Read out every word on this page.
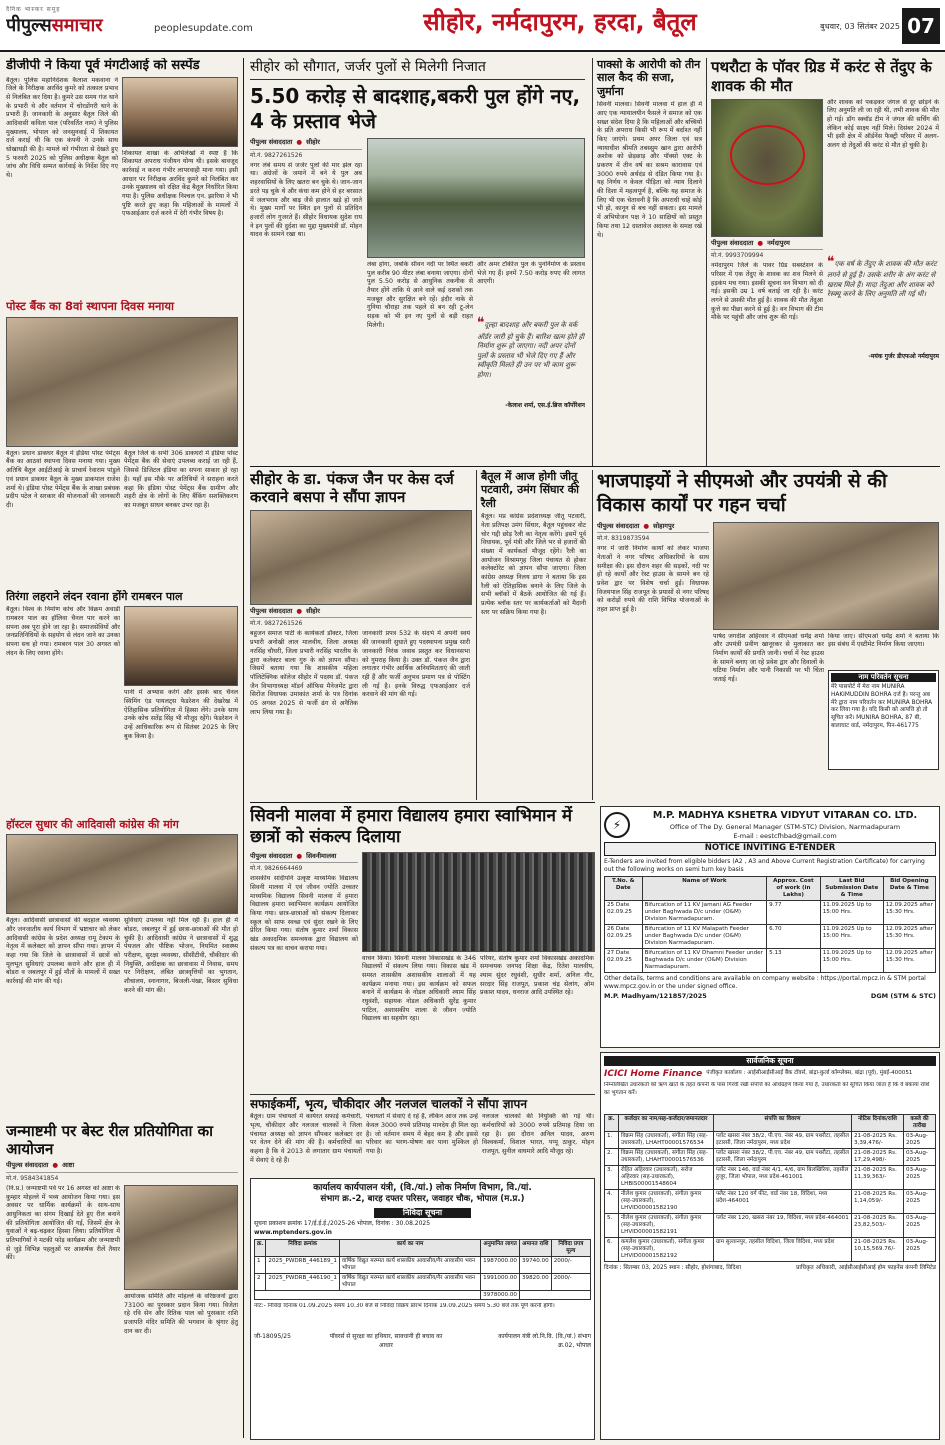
दैनिक भास्कर समूह
पीपुल्ससमाचार	peoplesupdate.com	सीहोर, नर्मदापुरम, हरदा, बैतूल	बुधवार, 03 सितंबर 2025 07
डीजीपी ने किया पूर्व मंगटीआई को सस्पेंड
बैतूल। पुलिस महानिदेशक कैलाश मकवाना ने जिले के निरीक्षक अरविंद कुमरे को तत्काल प्रभाव से निलंबित कर दिया है। कुमरे उस समय गंज थाने के प्रभारी थे और वर्तमान में चोरडोंगरी थाने के प्रभारी हैं। जानकारी के अनुसार बैतूल जिले की आदिवासी कविता पाल (परिवर्तित नाम) ने पुलिस मुख्यालय, भोपाल को जनसुनवाई में शिकायत दर्ज कराई थी कि एक कंपनी ने उनके साथ धोखाधड़ी की है। मामले को गंभीरता से देखते हुए 5 फरवरी 2025 को पुलिस अधीक्षक बैतूल को जांच और विधि सम्मत कार्रवाई के निर्देश दिए गए थे।
शिकायत शाखा के अभिलेखों में स्पष्ट है कि शिकायत अपराध पंजीयन योग्य थी। इसके बावजूद कार्रवाई न करना गंभीर लापरवाही माना गया। इसी आधार पर निरीक्षक अरविंद कुमरे को निलंबित कर उनके मुख्यालय को रक्षित केंद्र बैतूल निर्धारित किया गया है। पुलिस अधीक्षक निश्चल एन. झारिया ने भी पुष्टि करते हुए कहा कि महिलाओं के मामलों में एफआईआर दर्ज करने में देरी गंभीर विषय है।
पोस्ट बैंक का 8वां स्थापना दिवस मनाया
बैतूल। प्रधान डाकघर बैतूल में इंडिया पोस्ट पेमेंट्स बैंक का आठवां स्थापना दिवस मनाया गया। मुख्य अतिथि बैतूल आईटीआई के प्राचार्य रेवाराम पांडुले एवं प्रधान डाकघर बैतूल के मुख्य डाकपाल राजेश शर्मा थे। इंडिया पोस्ट पेमेंट्स बैंक के शाखा प्रबंधक प्रदीप पटेल ने सरकार की योजनाओं की जानकारी दी।
बैतूल जिले के सभी 306 डाकघरों में इंडिया पोस्ट पेमेंट्स बैंक की सेवाएं उपलब्ध कराई जा रही हैं, जिससे डिजिटल इंडिया का सपना साकार हो रहा है। यहाँ इस मौके पर अतिथियों ने सराहना करते कहा कि इंडिया पोस्ट पेमेंट्स बैंक ग्रामीण और शहरी क्षेत्र के लोगों के लिए बैंकिंग सशक्तिकरण का मजबूत साधन बनकर उभर रहा है।
तिरंगा लहराने लंदन रवाना होंगे रामबरन पाल
बैतूल। विश्व के निर्माण कोच और विक्रम अवार्डी रामबरन पाल का हॉलिवा चैनल पार करने का सपना अब पूरा होने जा रहा है। समाजसेवियों और जनप्रतिनिधियों के सहयोग से लंदन जाने का उनका सपना सच हो गया। रामबरन पाल 30 अगस्त को लंदन के लिए रवाना होंगे।
पानी में अभ्यास करेंगे और इसके बाद चैनल स्विमिंग एंड पायलट्स फेडरेशन की देखरेख में ऐतिहासिक प्रतियोगिता में हिस्सा लेंगे। उनके साथ उनके कोच सतेंद्र सिंह भी मौजूद रहेंगे। फेडरेशन ने उन्हें आधिकारिक रूप से सितंबर 2025 के लिए बुक किया है।
हॉस्टल सुधार की आदिवासी कांग्रेस की मांग
बैतूल। आदिवासी छात्रावासों की बदहाल व्यवस्था और जनजातीय कार्य विभाग में भ्रष्टाचार को लेकर आदिवासी कांग्रेस के प्रदेश अध्यक्ष रामू टेकाम के नेतृत्व में कलेक्टर को ज्ञापन सौंपा गया। ज्ञापन में कहा गया कि जिले के छात्रावासों में छात्रों को मूलभूत सुविधाएं उपलब्ध कराने और हाल ही में बोडरा व जबलपुर में हुई मौतों के मामलों में सख्त कार्रवाई की मांग की गई।
सुविधाएं उपलब्ध नहीं मिल रही हैं। हाल ही में बोडरा, जबलपुर में हुई छात्रा-छात्राओं की मौत हो चुकी है। आदिवासी कांग्रेस ने छात्रावासों में शुद्ध पेयजल और पौष्टिक भोजन, नियमित स्वास्थ्य परीक्षण, सुरक्षा व्यवस्था, सीसीटीवी, चौकीदार की नियुक्ति, अधीक्षक का छात्रावास में निवास, समय पर निरीक्षण, लंबित छात्रवृत्तियों का भुगतान, शौचालय, स्नानागार, बिजली-पंखा, बिस्तर सुविधा करने की मांग की।
जन्माष्टमी पर बेस्ट रील प्रतियोगिता का आयोजन
पीपुल्स संवाददाता ● आष्टा
मो.नं. 9584341854
(नि.प्र.) जन्माष्टमी पर्व पर 16 अगस्त को आष्टा के कुम्हार मोहल्ले में भव्य आयोजन किया गया। इस अवसर पर धार्मिक कार्यक्रमों के साथ-साथ आधुनिकता का संगम दिखाई देते हुए रील बनाने की प्रतियोगिता आयोजित की गई, जिसमें क्षेत्र के युवाओं ने बढ़-चढ़कर हिस्सा लिया। प्रतियोगिता में प्रतिभागियों ने मटकी फोड़ कार्यक्रम और जन्माष्टमी से जुड़े विभिन्न पहलुओं पर आकर्षक रीलें तैयार कीं।
आयोजक समिति और मोहल्ले के वरिष्ठजनों द्वारा 73100 का पुरस्कार प्रदान किया गया। विजेता रहे रवि सेन और रितिक पाल को पुरस्कार राशि प्रजापति मंदिर समिति की भगवान के श्रृंगार हेतु दान कर दी।
सीहोर को सौगात, जर्जर पुलों से मिलेगी निजात
5.50 करोड़ से बादशाह,बकरी पुल होंगे नए, 4 के प्रस्ताव भेजे
पीपुल्स संवाददाता ● सीहोर
मो.नं. 9827261526
नगर लंबे समय से जर्जर पुलों की मार झेल रहा था। अंग्रेजों के जमाने में बने ये पुल अब शहरवासियों के लिए खतरा बन चुके थे। जान-जान डरते पड़ चुके थे और कंधा कम होने से हर बरसात में जलभराव और बाढ़ जैसे हालात खड़े हो जाते थे। मुख्य मार्गों पर स्थित इन पुलों से प्रतिदिन हजारों लोग गुजरते हैं। सीहोर विधायक सुदेश राय ने इन पुलों की दुर्दशा का मुद्दा मुख्यमंत्री डॉ. मोहन यादव के सामने रखा था।
लंबा होगा, जबकि सीवन नदी पर स्थित बकरी पुल करीब 90 मीटर लंबा बनाया जाएगा। दोनों पुल 5.50 करोड़ से आधुनिक तकनीक से तैयार होंगे ताकि ये आने वाले कई दशकों तक मजबूत और सुरक्षित बने रहें। इंदौर नाके से गुनिया चौराहा तक पहले से बन रही टू-लेन सड़क को भी इन नए पुलों से बड़ी राहत मिलेगी।
और अमर टॉकीज पुल के पुनर्निर्माण के प्रस्ताव भेजे गए हैं। इनमें 7.50 करोड़ रुपए की लागत आएगी।
❝दूल्हा बादशाह और बकरी पुल के वर्क ऑर्डर जारी हो चुके हैं। बारिश खत्म होते ही निर्माण शुरू हो जाएगा। नदी अपर दोनों पुलों के प्रस्ताव भी भेजे दिए गए हैं और स्वीकृति मिलते ही उन पर भी काम शुरू होगा।
-केलाश शर्मा, एस.ई.ब्रिज कॉर्पोरेशन
पाक्सो के आरोपी को तीन साल कैद की सजा, जुर्माना
सिवनी मालवा। सिवनी मालवा में हाल ही में आए एक न्यायालयीन फैसले ने समाज को एक सख्त संदेश दिया है कि महिलाओं और बच्चियों के प्रति अपराध किसी भी रूप में बर्दाश्त नहीं किए जाएंगे। प्रथम अपर जिला एवं सत्र न्यायाधीश श्रीमति तबस्सुम खान द्वारा आरोपी अशोक को छेड़छाड़ और पॉक्सो एक्ट के प्रकरण में तीन वर्ष का सश्रम कारावास एवं 3000 रुपये अर्थदंड से दंडित किया गया है। यह निर्णय न केवल पीड़िता को न्याय दिलाने की दिशा में महत्वपूर्ण है, बल्कि यह समाज के लिए भी एक चेतावनी है कि अपराधी चाहे कोई भी हो, कानून से बच नहीं सकता। इस मामले में अभियोजन पक्ष ने 10 साक्षियों को प्रस्तुत किया तथा 12 दस्तावेज अदालत के समक्ष रखे थे।
पथरौटा के पॉवर ग्रिड में करंट से तेंदुए के शावक की मौत
पीपुल्स संवाददाता ● नर्मदापुरम
मो.नं. 9993709994
नर्मदापुरम जिले के पावर ग्रिड सबस्टेशन के परिसर में एक तेंदुए के शावक का शव मिलने से हड़कंप मच गया। इसकी सूचना वन विभाग को दी गई। इसकी उम्र 1 वर्ष बताई जा रही है। करंट लगने से उसकी मौत हुई है। शावक की मौत तेंदुआ कुत्ते का पीछा करने से हुई है। वन विभाग की टीम मौके पर पहुंची और जांच शुरू की गई।
और शावक को पकड़कर जंगल से दूर छोड़ने के लिए अनुमति ली जा रही थी, तभी शावक की मौत हो गई। डॉग स्क्वॉड टीम ने जंगल की सर्चिंग की लेकिन कोई साक्ष्य नहीं मिले। दिसंबर 2024 में भी इसी क्षेत्र में ऑर्डनेंस फैक्ट्री परिसर में अलग-अलग दो तेंदुओं की करंट से मौत हो चुकी है।
❝एक वर्ष के तेंदुए के शावक की मौत करंट लगने से हुई है। उसके शरीर के अंग करंट से खराब मिले हैं। मादा तेंदुआ और शावक को रेस्क्यू करने के लिए अनुमति ली गई थी।
-मयंक गुर्जर डीएफओ नर्मदापुरम
सीहोर के डा. पंकज जैन पर केस दर्ज करवाने बसपा ने सौंपा ज्ञापन
पीपुल्स संवाददाता ● सीहोर
मो.नं. 9827261526
बहुजन समाज पार्टी के कार्यकर्ता डॉक्टर, जिला प्रभारी अनोखी लाल मालवीय, जिला अध्यक्ष नरसिंह चौधरी, जिला प्रभारी नरसिंह भारतीय के द्वारा कलेक्टर बाला गुरु के को ज्ञापन सौंपा। जिसमें बताया गया कि शासकीय महिला पॉलिटेक्निक कॉलेज सीहोर में पदस्थ डॉ. पंकज जैन विभागाध्यक्ष मॉडर्न ऑफिस मैनेजमेंट द्वारा सिरोंज विधायक उमाकांत शर्मा के पत्र दिनांक 05 अगस्त 2025 से फर्जी ढंग से अनैतिक लाभ लिया गया है।
जानकारी प्रपत्र 532 के संदर्भ में अपनी स्वयं की जानकारी सुधाते हुए पदस्थापना प्रमुख सारी जानकारी निरंक जवाब प्रस्तुत कर विधानसभा को गुमराह किया है। उक्त डॉ. पंकज जैन द्वारा लगातार गंभीर आर्थिक अनियमितताएं की जाती रही हैं और फर्जी अनुभव प्रमाण पत्र से पोस्टिंग ली गई है। इनके विरुद्ध एफआईआर दर्ज करवाने की मांग की गई।
बैतूल में आज होगी जीतू पटवारी, उमंग सिंघार की रैली
बैतूल। मप्र कांग्रेस प्रदेशाध्यक्ष जीतू पटवारी, नेता प्रतिपक्ष उमंग सिंघार, बैतूल पहुंचकर वोट चोर गद्दी छोड़ रैली का नेतृत्व करेंगे। इसमें पूर्व विधायक, पूर्व मंत्री और जिले भर से हजारों की संख्या में कार्यकर्ता मौजूद रहेंगे। रैली का आयोजन विश्रामगृह जिला पंचायत से होकर कलेक्टोरेट को ज्ञापन सौंपा जाएगा। जिला कांग्रेस अध्यक्ष निलय डागा ने बताया कि इस रैली को ऐतिहासिक बनाने के लिए जिले के सभी ब्लॉकों में बैठकें आयोजित की गई हैं। प्रत्येक ब्लॉक स्तर पर कार्यकर्ताओं को मैदानी स्तर पर सक्रिय किया गया है।
भाजपाइयों ने सीएमओ और उपयंत्री से की विकास कार्यों पर गहन चर्चा
पीपुल्स संवाददाता ● सोहागपुर
मो.नं. 8319873594
नगर में जारी निर्माण कार्यों को लेकर भाजपा नेताओं ने नगर परिषद अधिकारियों के साथ समीक्षा की। इस दौरान शहर की सड़कों, नदी पर हो रहे कार्यों और रेस्ट हाउस के सामने बन रहे प्रवेश द्वार पर विशेष चर्चा हुई। विधायक विजयपाल सिंह राजपूत के प्रयासों से नगर परिषद को करोड़ों रुपये की राशि विभिन्न योजनाओं के तहत प्राप्त हुई है।
पार्षद जगदीश अहिरवार ने सीएमओ धर्मेंद्र शर्मा और उपयंत्री प्रवीण खानूरकर से मुलाकात कर निर्माण कार्यों की प्रगति जानी। चर्चा में रेस्ट हाउस के सामने बनाए जा रहे प्रवेश द्वार और दिवालों के घटिया निर्माण और पानी निकासी पर भी चिंता जताई गई।
किया जाए। सीएमओ धर्मेंद्र शर्मा ने बताया कि इस संबंध में एस्टीमेट निर्माण किया जाएगा।
नाम परिवर्तन सूचना
मेरे पासपोर्ट में मेरा नाम MUNIRA HAKIMUDDIN BOHRA दर्ज है। परन्तु अब मेरे द्वारा नाम परिवर्तन कर MUNIRA BOHRA कर लिया गया है। यदि किसी को आपत्ति हो तो सूचित करें। MUNIRA BOHRA, 87 बी, बालाघाट वार्ड, नर्मदापुरम, पिन-461775
सिवनी मालवा में हमारा विद्यालय हमारा स्वाभिमान में छात्रों को संकल्प दिलाया
पीपुल्स संवाददाता ● सिवनीमालवा
मो.नं. 9826664469
शासकीय सांदीपनि उत्कृष्ट माध्यमिक विद्यालय सिवनी मालवा में एवं जीवन ज्योति उच्चतर माध्यमिक विद्यालय सिवनी मालवा में हमारा विद्यालय हमारा स्वाभिमान कार्यक्रम आयोजित किया गया। छात्र-छात्राओं को संकल्प दिलाकर स्कूल को साफ स्वच्छ एवं सुंदर रखने के लिए प्रेरित किया गया। संतोष कुमार शर्मा विकास खंड अकादमिक समन्वयक द्वारा विद्यालय को संकल्प पत्र का वाचन कराया गया।
वाचन किया। सिवनी मालवा विकासखंड के 346 विद्यालयों में संकल्प लिया गया। विकास खंड में समस्त शासकीय अशासकीय शालाओं में यह कार्यक्रम मनाया गया। इस कार्यक्रम को सफल बनाने में कार्यक्रम के नोडल अधिकारी श्याम सिंह रघुवंशी, सहायक नोडल अधिकारी सुरेंद्र कुमार पाटिल, अशासकीय शाला से जीवन ज्योति विद्यालय का सहयोग रहा।
परियर, संतोष कुमार शर्मा विकासखंड अकादमिक समन्वयक जनपद शिक्षा केंद्र, रितेश मालवीय, श्याम सुंदर रघुवंशी, सुधीर शर्मा, अनिल गौर, सरदार सिंह राजपूत, प्रकाश चंद्र सेलांग, ओम प्रकाश यादव, धनराज आदि उपस्थित रहे।
सफाईकर्मी, भृत्य, चौकीदार और नलजल चालकों ने सौंपा ज्ञापन
बैतूल। ग्राम पंचायतों में कार्यरत सफाई कर्मचारी, भृत्य, चौकीदार और नलजल चालकों ने जिला पंचायत अध्यक्ष को ज्ञापन सौंपकर कलेक्टर दर पर वेतन देने की मांग की है। कर्मचारियों का कहना है कि वे 2013 से लगातार ग्राम पंचायतों में सेवाएं दे रहे हैं।
पंचायतों में सेवाएं दे रहे हैं, लेकिन आज तक उन्हें केवल 3000 रुपये प्रतिमाह मानदेय ही मिल रहा है। जो वर्तमान समय में बेहद कम है और इससे परिवार का भरण-पोषण कर पाना मुश्किल हो गया है।
नलजल चालकों की नियुक्ति की गई थी। कर्मचारियों को 3000 रुपये प्रतिमाह दिया जा रहा है। इस दौरान अनिल यादव, अरुण विश्वकर्मा, विशाल भारत, पप्पू ठाकुर, मोहन राजपूत, सुनील वाघमारे आदि मौजूद रहे।
कार्यालय कार्यपालन यंत्री, (वि./यां.) लोक निर्माण विभाग, वि./यां.
संभाग क्र.-2, बारह दफ्तर परिसर, जवाहर चौक, भोपाल (म.प्र.)
निविदा सूचना
सूचना प्रकाशन क्रमांक 17/ई.ई.ई./2025-26 भोपाल, दिनांक : 30.08.2025
www.mptenders.gov.in
क्र.	निविदा क्रमांक	कार्य का नाम	अनुमानित लागत	अमानत राशि	निविदा प्रपत्र मूल्य
1	2025_PWDRB_446189_1	वार्षिक विद्युत मरम्मत कार्य शासकीय आवासीय/गैर आवासीय भवन भोपाल	1987000.00	39740.00	2000/-
2	2025_PWDRB_446190_1	वार्षिक विद्युत मरम्मत कार्य शासकीय आवासीय/गैर आवासीय भवन भोपाल	1991000.00	39820.00	2000/-
			3978000.00		
नोट:- निविदा दिनांक 01.09.2025 समय 10.30 बजे से निविदा विक्रय प्रारंभ दिनांक 19.09.2025 समय 5.30 बजे तक पूर्ण करनी होगी।
जी-18095/25	पॉवरर्स से सुरक्षा का हथियार, सावधानी ही बचाव का आधार
कार्यपालन यंत्री लो.नि.वि. (वि./यां.) संभाग क्र.02, भोपाल
⚡
M.P. MADHYA KSHETRA VIDYUT VITARAN CO. LTD.
Office of The Dy. General Manager (STM-STC) Division, Narmadapuram
E-mail : eestcfhbad@gmail.com
NOTICE INVITING E-TENDER
E-Tenders are invited from eligible bidders (A2 , A3 and Above Current Registration Certificate) for carrying out the following works on semi turn key basis
T.No. & Date	Name of Work	Approx. Cost of work (in Lakhs)	Last Bid Submission Date & Time	Bid Opening Date & Time
25 Date 02.09.25	Bifurcation of 11 KV Jamani AG Feeder under Baghwada D/c under (O&M) Division Narmadapuram.	9.77	11.09.2025 Up to 15:00 Hrs.	12.09.2025 after 15:30 Hrs.
26 Date 02.09.25	Bifurcation of 11 KV Malapath Feeder under Baghwada D/c under (O&M) Division Narmadapuram.	6.70	11.09.2025 Up to 15:00 Hrs.	12.09.2025 after 15:30 Hrs.
27 Date 02.09.25	Bifurcation of 11 KV Dhamni Feeder under Baghwada D/c under (O&M) Division Narmadapuram.	5.13	11.09.2025 Up to 15:00 Hrs.	12.09.2025 after 15:30 Hrs.
Other details, terms and conditions are available on company website : https://portal.mpcz.in & STM portal www.mpcz.gov.in or the under signed office.
M.P. Madhyam/121857/2025	DGM (STM & STC)
सार्वजनिक सूचना
ICICI Home Finance पंजीकृत कार्यालय : आईसीआईसीआई बैंक टॉवर्स, बांद्रा-कुर्ला कॉम्प्लेक्स, बांद्रा (पूर्व), मुंबई-400051
निम्नलिखित उधारकर्ता को ऋण खाते के तहत कंपनी के पास गिरवी रखी संपत्ति का अधिग्रहण किया गया है, उधारकर्ता को सूचित किया जाता है कि वे बकाया राशि का भुगतान करें।
क्र.	कर्जदार का नाम/सह-कर्जदार/जमानतदार	संपत्ति का विवरण	नोटिस दिनांक/राशि	कब्जे की तारीख
1.	विक्रम सिंह (उधारकर्ता), संगीता सिंह (सह-उधारकर्ता), LHAHT00001576534	प्लॉट खसरा नंबर 38/2, पी.एच. नंबर 49, ग्राम पथरौटा, तहसील इटारसी, जिला नर्मदापुरम, मध्य प्रदेश	21-08-2025 Rs. 3,39,476/-	03-Aug-2025
2.	विक्रम सिंह (उधारकर्ता), संगीता सिंह (सह-उधारकर्ता), LHAHT00001576536	प्लॉट खसरा नंबर 38/2, पी.एच. नंबर 49, ग्राम पथरौटा, तहसील इटारसी, जिला नर्मदापुरम	21-08-2025 Rs. 17,29,498/-	03-Aug-2025
3.	रोहित अहिरवार (उधारकर्ता), सरोज अहिरवार (सह-उधारकर्ता), LHBIS00001548604	प्लॉट नंबर 146, वार्ड नंबर 4/1, 4/6, ग्राम बिलखिरिया, तहसील हुजूर, जिला भोपाल, मध्य प्रदेश-461001	21-08-2025 Rs. 11,39,363/-	03-Aug-2025
4.	नीलेश कुमार (उधारकर्ता), संगीता कुमार (सह-उधारकर्ता), LHVID00001582190	फ्लैट नंबर 120 वर्ग फीट, वार्ड नंबर 18, विदिशा, मध्य प्रदेश-464001	21-08-2025 Rs. 1,14,059/-	03-Aug-2025
5.	नीलेश कुमार (उधारकर्ता), संगीता कुमार (सह-उधारकर्ता), LHVID00001582191	प्लॉट नंबर 120, खसरा नंबर 19, विदिशा, मध्य प्रदेश-464001	21-08-2025 Rs. 23,82,503/-	03-Aug-2025
6.	कमलेश कुमार (उधारकर्ता), संगीता कुमार (सह-उधारकर्ता), LHVID00001582192	ग्राम सुल्तानपुर, तहसील विदिशा, जिला विदिशा, मध्य प्रदेश	21-08-2025 Rs. 10,15,569.76/-	03-Aug-2025
दिनांक : सितम्बर 03, 2025 स्थान : सीहोर, होशंगाबाद, विदिशा	प्राधिकृत अधिकारी, आईसीआईसीआई होम फाइनेंस कंपनी लिमिटेड
